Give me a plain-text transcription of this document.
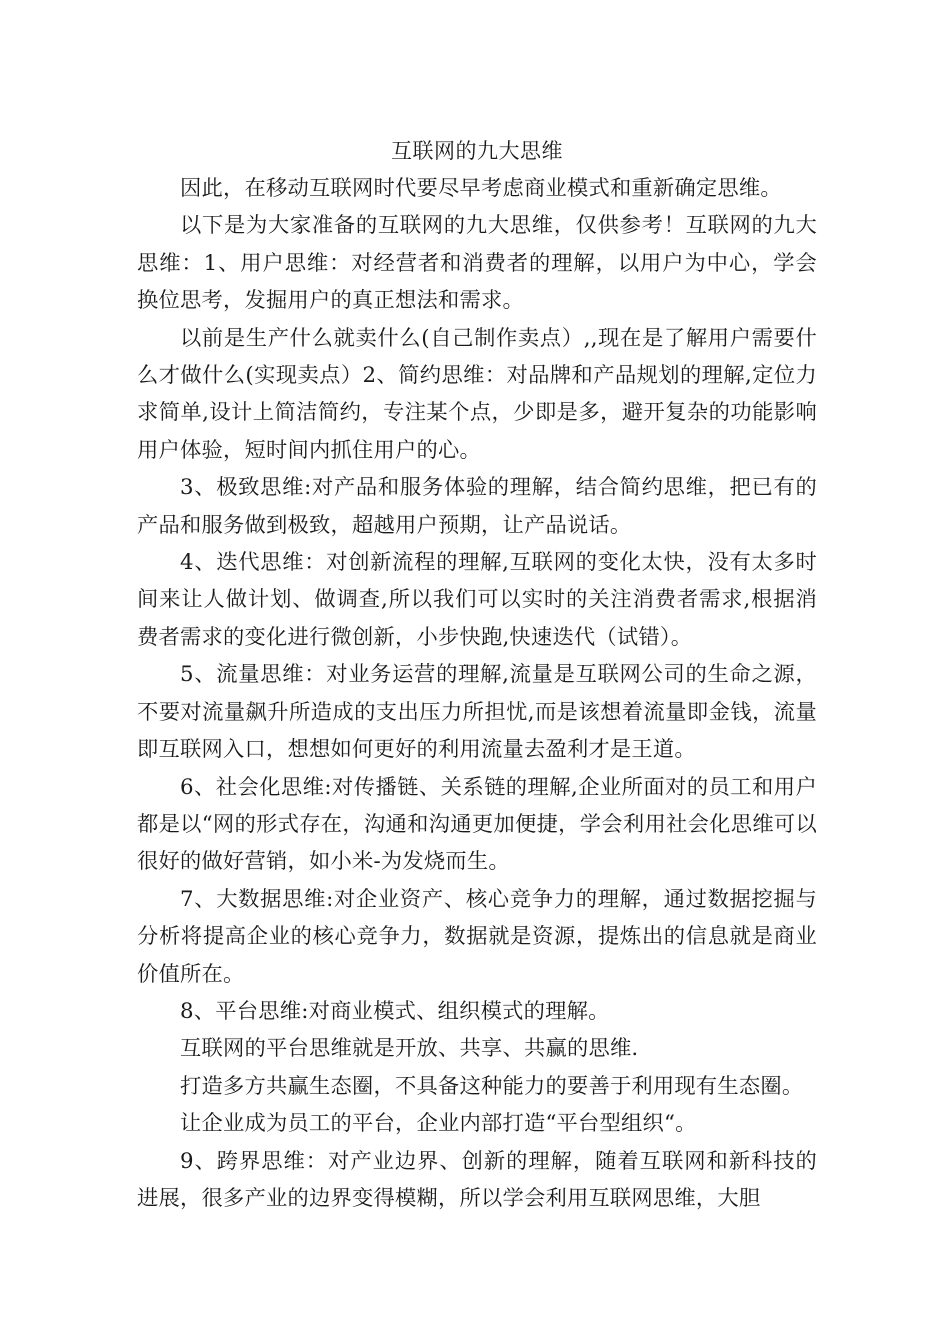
互联网的九大思维

因此，在移动互联网时代要尽早考虑商业模式和重新确定思维。

以下是为大家准备的互联网的九大思维，仅供参考！互联网的九大思维：1、用户思维：对经营者和消费者的理解，以用户为中心，学会换位思考，发掘用户的真正想法和需求。

以前是生产什么就卖什么(自己制作卖点）,,现在是了解用户需要什么才做什么(实现卖点）2、简约思维：对品牌和产品规划的理解,定位力求简单,设计上简洁简约，专注某个点，少即是多，避开复杂的功能影响用户体验，短时间内抓住用户的心。

3、极致思维:对产品和服务体验的理解，结合简约思维，把已有的产品和服务做到极致，超越用户预期，让产品说话。

4、迭代思维：对创新流程的理解,互联网的变化太快，没有太多时间来让人做计划、做调查,所以我们可以实时的关注消费者需求,根据消费者需求的变化进行微创新，小步快跑,快速迭代（试错）。

5、流量思维：对业务运营的理解,流量是互联网公司的生命之源，不要对流量飙升所造成的支出压力所担忧,而是该想着流量即金钱，流量即互联网入口，想想如何更好的利用流量去盈利才是王道。

6、社会化思维:对传播链、关系链的理解,企业所面对的员工和用户都是以“网的形式存在，沟通和沟通更加便捷，学会利用社会化思维可以很好的做好营销，如小米-为发烧而生。

7、大数据思维:对企业资产、核心竞争力的理解，通过数据挖掘与分析将提高企业的核心竞争力，数据就是资源，提炼出的信息就是商业价值所在。

8、平台思维:对商业模式、组织模式的理解。

互联网的平台思维就是开放、共享、共赢的思维.

打造多方共赢生态圈，不具备这种能力的要善于利用现有生态圈。

让企业成为员工的平台，企业内部打造“平台型组织“。

9、跨界思维：对产业边界、创新的理解，随着互联网和新科技的进展，很多产业的边界变得模糊，所以学会利用互联网思维，大胆
